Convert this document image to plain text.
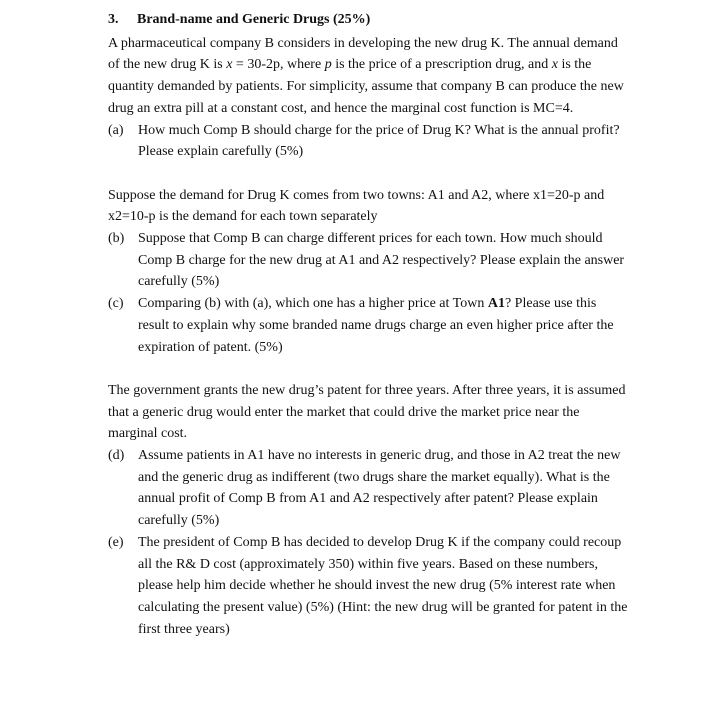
3. Brand-name and Generic Drugs (25%)

A pharmaceutical company B considers in developing the new drug K. The annual demand of the new drug K is x = 30-2p, where p is the price of a prescription drug, and x is the quantity demanded by patients. For simplicity, assume that company B can produce the new drug an extra pill at a constant cost, and hence the marginal cost function is MC=4.

(a)	How much Comp B should charge for the price of Drug K? What is the annual profit? Please explain carefully (5%)

Suppose the demand for Drug K comes from two towns: A1 and A2, where x1=20-p and x2=10-p is the demand for each town separately

(b) Suppose that Comp B can charge different prices for each town. How much should Comp B charge for the new drug at A1 and A2 respectively? Please explain the answer carefully (5%)
(c)	Comparing (b) with (a), which one has a higher price at Town A1? Please use this result to explain why some branded name drugs charge an even higher price after the expiration of patent. (5%)

The government grants the new drug’s patent for three years. After three years, it is assumed that a generic drug would enter the market that could drive the market price near the marginal cost.

(d) Assume patients in A1 have no interests in generic drug, and those in A2 treat the new and the generic drug as indifferent (two drugs share the market equally). What is the annual profit of Comp B from A1 and A2 respectively after patent? Please explain carefully (5%)
(e)	The president of Comp B has decided to develop Drug K if the company could recoup all the R& D cost (approximately 350) within five years. Based on these numbers, please help him decide whether he should invest the new drug (5% interest rate when calculating the present value) (5%) (Hint: the new drug will be granted for patent in the first three years)
